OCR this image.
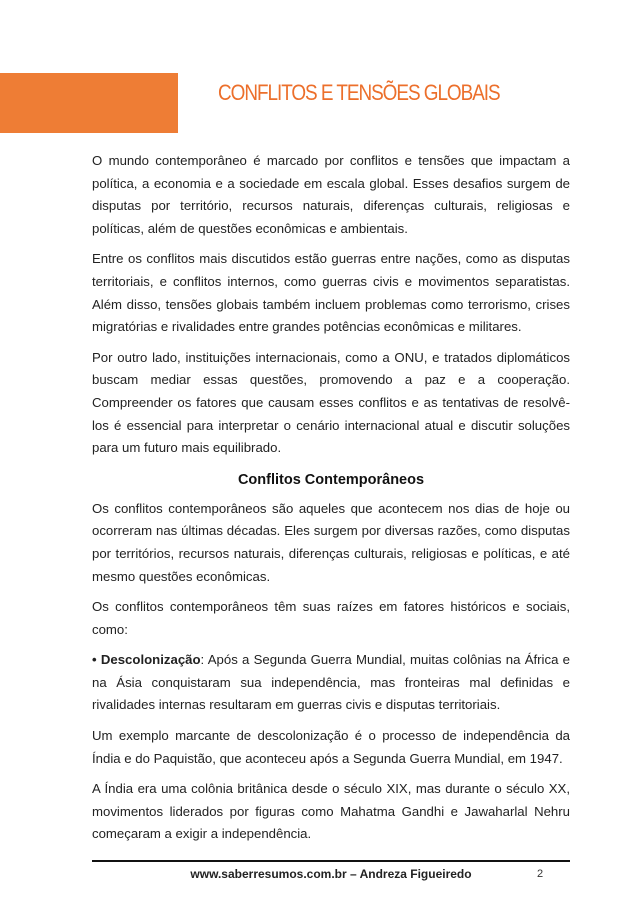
CONFLITOS E TENSÕES GLOBAIS

O mundo contemporâneo é marcado por conflitos e tensões que impactam a política, a economia e a sociedade em escala global. Esses desafios surgem de disputas por território, recursos naturais, diferenças culturais, religiosas e políticas, além de questões econômicas e ambientais.

Entre os conflitos mais discutidos estão guerras entre nações, como as disputas territoriais, e conflitos internos, como guerras civis e movimentos separatistas. Além disso, tensões globais também incluem problemas como terrorismo, crises migratórias e rivalidades entre grandes potências econômicas e militares.

Por outro lado, instituições internacionais, como a ONU, e tratados diplomáticos buscam mediar essas questões, promovendo a paz e a cooperação. Compreender os fatores que causam esses conflitos e as tentativas de resolvê-los é essencial para interpretar o cenário internacional atual e discutir soluções para um futuro mais equilibrado.

Conflitos Contemporâneos

Os conflitos contemporâneos são aqueles que acontecem nos dias de hoje ou ocorreram nas últimas décadas. Eles surgem por diversas razões, como disputas por territórios, recursos naturais, diferenças culturais, religiosas e políticas, e até mesmo questões econômicas.

Os conflitos contemporâneos têm suas raízes em fatores históricos e sociais, como:

• Descolonização: Após a Segunda Guerra Mundial, muitas colônias na África e na Ásia conquistaram sua independência, mas fronteiras mal definidas e rivalidades internas resultaram em guerras civis e disputas territoriais.

Um exemplo marcante de descolonização é o processo de independência da Índia e do Paquistão, que aconteceu após a Segunda Guerra Mundial, em 1947.

A Índia era uma colônia britânica desde o século XIX, mas durante o século XX, movimentos liderados por figuras como Mahatma Gandhi e Jawaharlal Nehru começaram a exigir a independência.

www.saberresumos.com.br – Andreza Figueiredo	2
